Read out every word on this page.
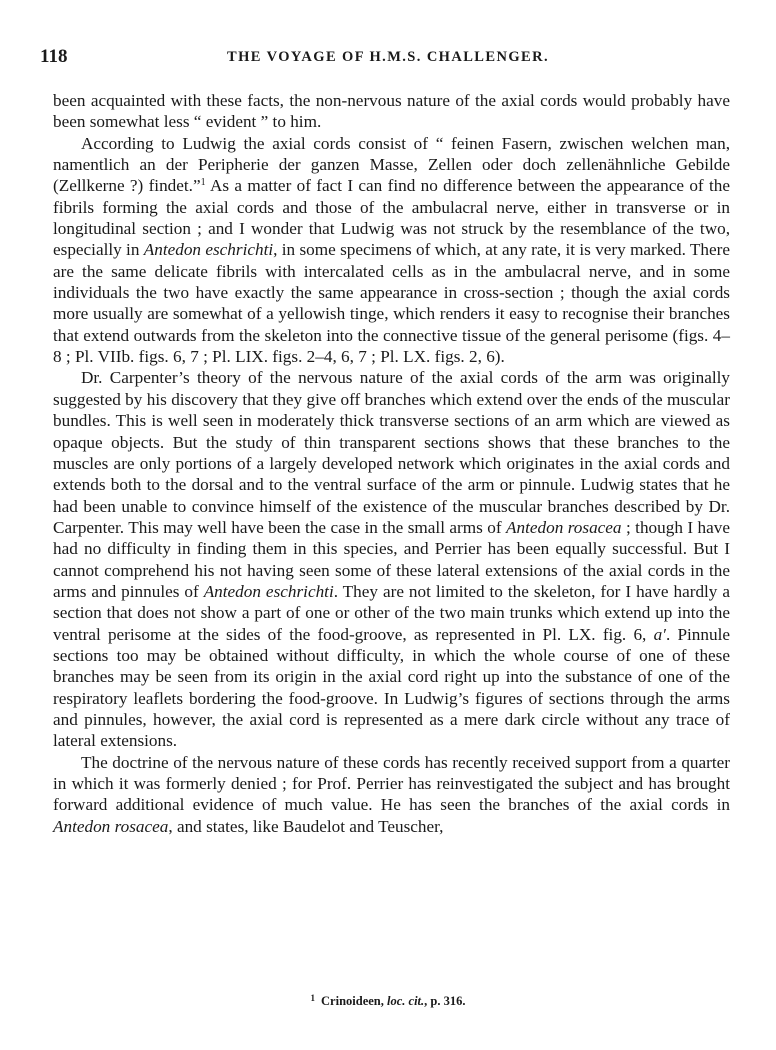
118	THE VOYAGE OF H.M.S. CHALLENGER.

been acquainted with these facts, the non-nervous nature of the axial cords would probably have been somewhat less “ evident ” to him.

According to Ludwig the axial cords consist of “ feinen Fasern, zwischen welchen man, namentlich an der Peripherie der ganzen Masse, Zellen oder doch zellenähnliche Gebilde (Zellkerne ?) findet.”$^1$ As a matter of fact I can find no difference between the appearance of the fibrils forming the axial cords and those of the ambulacral nerve, either in transverse or in longitudinal section ; and I wonder that Ludwig was not struck by the resemblance of the two, especially in Antedon eschrichti, in some specimens of which, at any rate, it is very marked. There are the same delicate fibrils with intercalated cells as in the ambulacral nerve, and in some individuals the two have exactly the same appearance in cross-section ; though the axial cords more usually are somewhat of a yellowish tinge, which renders it easy to recognise their branches that extend outwards from the skeleton into the connective tissue of the general perisome (figs. 4–8 ; Pl. VIIb. figs. 6, 7 ; Pl. LIX. figs. 2–4, 6, 7 ; Pl. LX. figs. 2, 6).

Dr. Carpenter’s theory of the nervous nature of the axial cords of the arm was originally suggested by his discovery that they give off branches which extend over the ends of the muscular bundles. This is well seen in moderately thick transverse sections of an arm which are viewed as opaque objects. But the study of thin transparent sections shows that these branches to the muscles are only portions of a largely developed network which originates in the axial cords and extends both to the dorsal and to the ventral surface of the arm or pinnule. Ludwig states that he had been unable to convince himself of the existence of the muscular branches described by Dr. Carpenter. This may well have been the case in the small arms of Antedon rosacea ; though I have had no difficulty in finding them in this species, and Perrier has been equally successful. But I cannot comprehend his not having seen some of these lateral extensions of the axial cords in the arms and pinnules of Antedon eschrichti. They are not limited to the skeleton, for I have hardly a section that does not show a part of one or other of the two main trunks which extend up into the ventral perisome at the sides of the food-groove, as represented in Pl. LX. fig. 6, a′. Pinnule sections too may be obtained without difficulty, in which the whole course of one of these branches may be seen from its origin in the axial cord right up into the substance of one of the respiratory leaflets bordering the food-groove. In Ludwig’s figures of sections through the arms and pinnules, however, the axial cord is represented as a mere dark circle without any trace of lateral extensions.

The doctrine of the nervous nature of these cords has recently received support from a quarter in which it was formerly denied ; for Prof. Perrier has reinvestigated the subject and has brought forward additional evidence of much value. He has seen the branches of the axial cords in Antedon rosacea, and states, like Baudelot and Teuscher,

$^1$ Crinoideen, loc. cit., p. 316.
